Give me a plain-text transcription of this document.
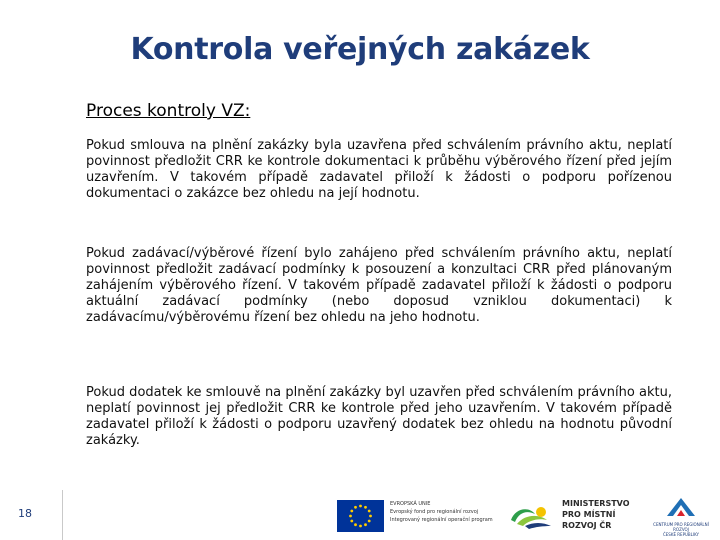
Kontrola veřejných zakázek
Proces kontroly VZ:
Pokud smlouva na plnění zakázky byla uzavřena před schválením právního aktu, neplatí povinnost předložit CRR ke kontrole dokumentaci k průběhu výběrového řízení před jejím uzavřením. V takovém případě zadavatel přiloží k žádosti o podporu pořízenou dokumentaci o zakázce bez ohledu na její hodnotu.
Pokud zadávací/výběrové řízení bylo zahájeno před schválením právního aktu, neplatí povinnost předložit zadávací podmínky k posouzení a konzultaci CRR před plánovaným zahájením výběrového řízení. V takovém případě zadavatel přiloží k žádosti o podporu aktuální zadávací podmínky (nebo doposud vzniklou dokumentaci) k zadávacímu/výběrovému řízení bez ohledu na jeho hodnotu.
Pokud dodatek ke smlouvě na plnění zakázky byl uzavřen před schválením právního aktu, neplatí povinnost jej předložit CRR ke kontrole před jeho uzavřením. V takovém případě zadavatel přiloží k žádosti o podporu uzavřený dodatek bez ohledu na hodnotu původní zakázky.
18
EVROPSKÁ UNIE
Evropský fond pro regionální rozvoj
Integrovaný regionální operační program
MINISTERSTVO
PRO MÍSTNÍ
ROZVOJ ČR	CENTRUM PRO REGIONÁLNÍ ROZVOJ
ČESKÉ REPUBLIKY
